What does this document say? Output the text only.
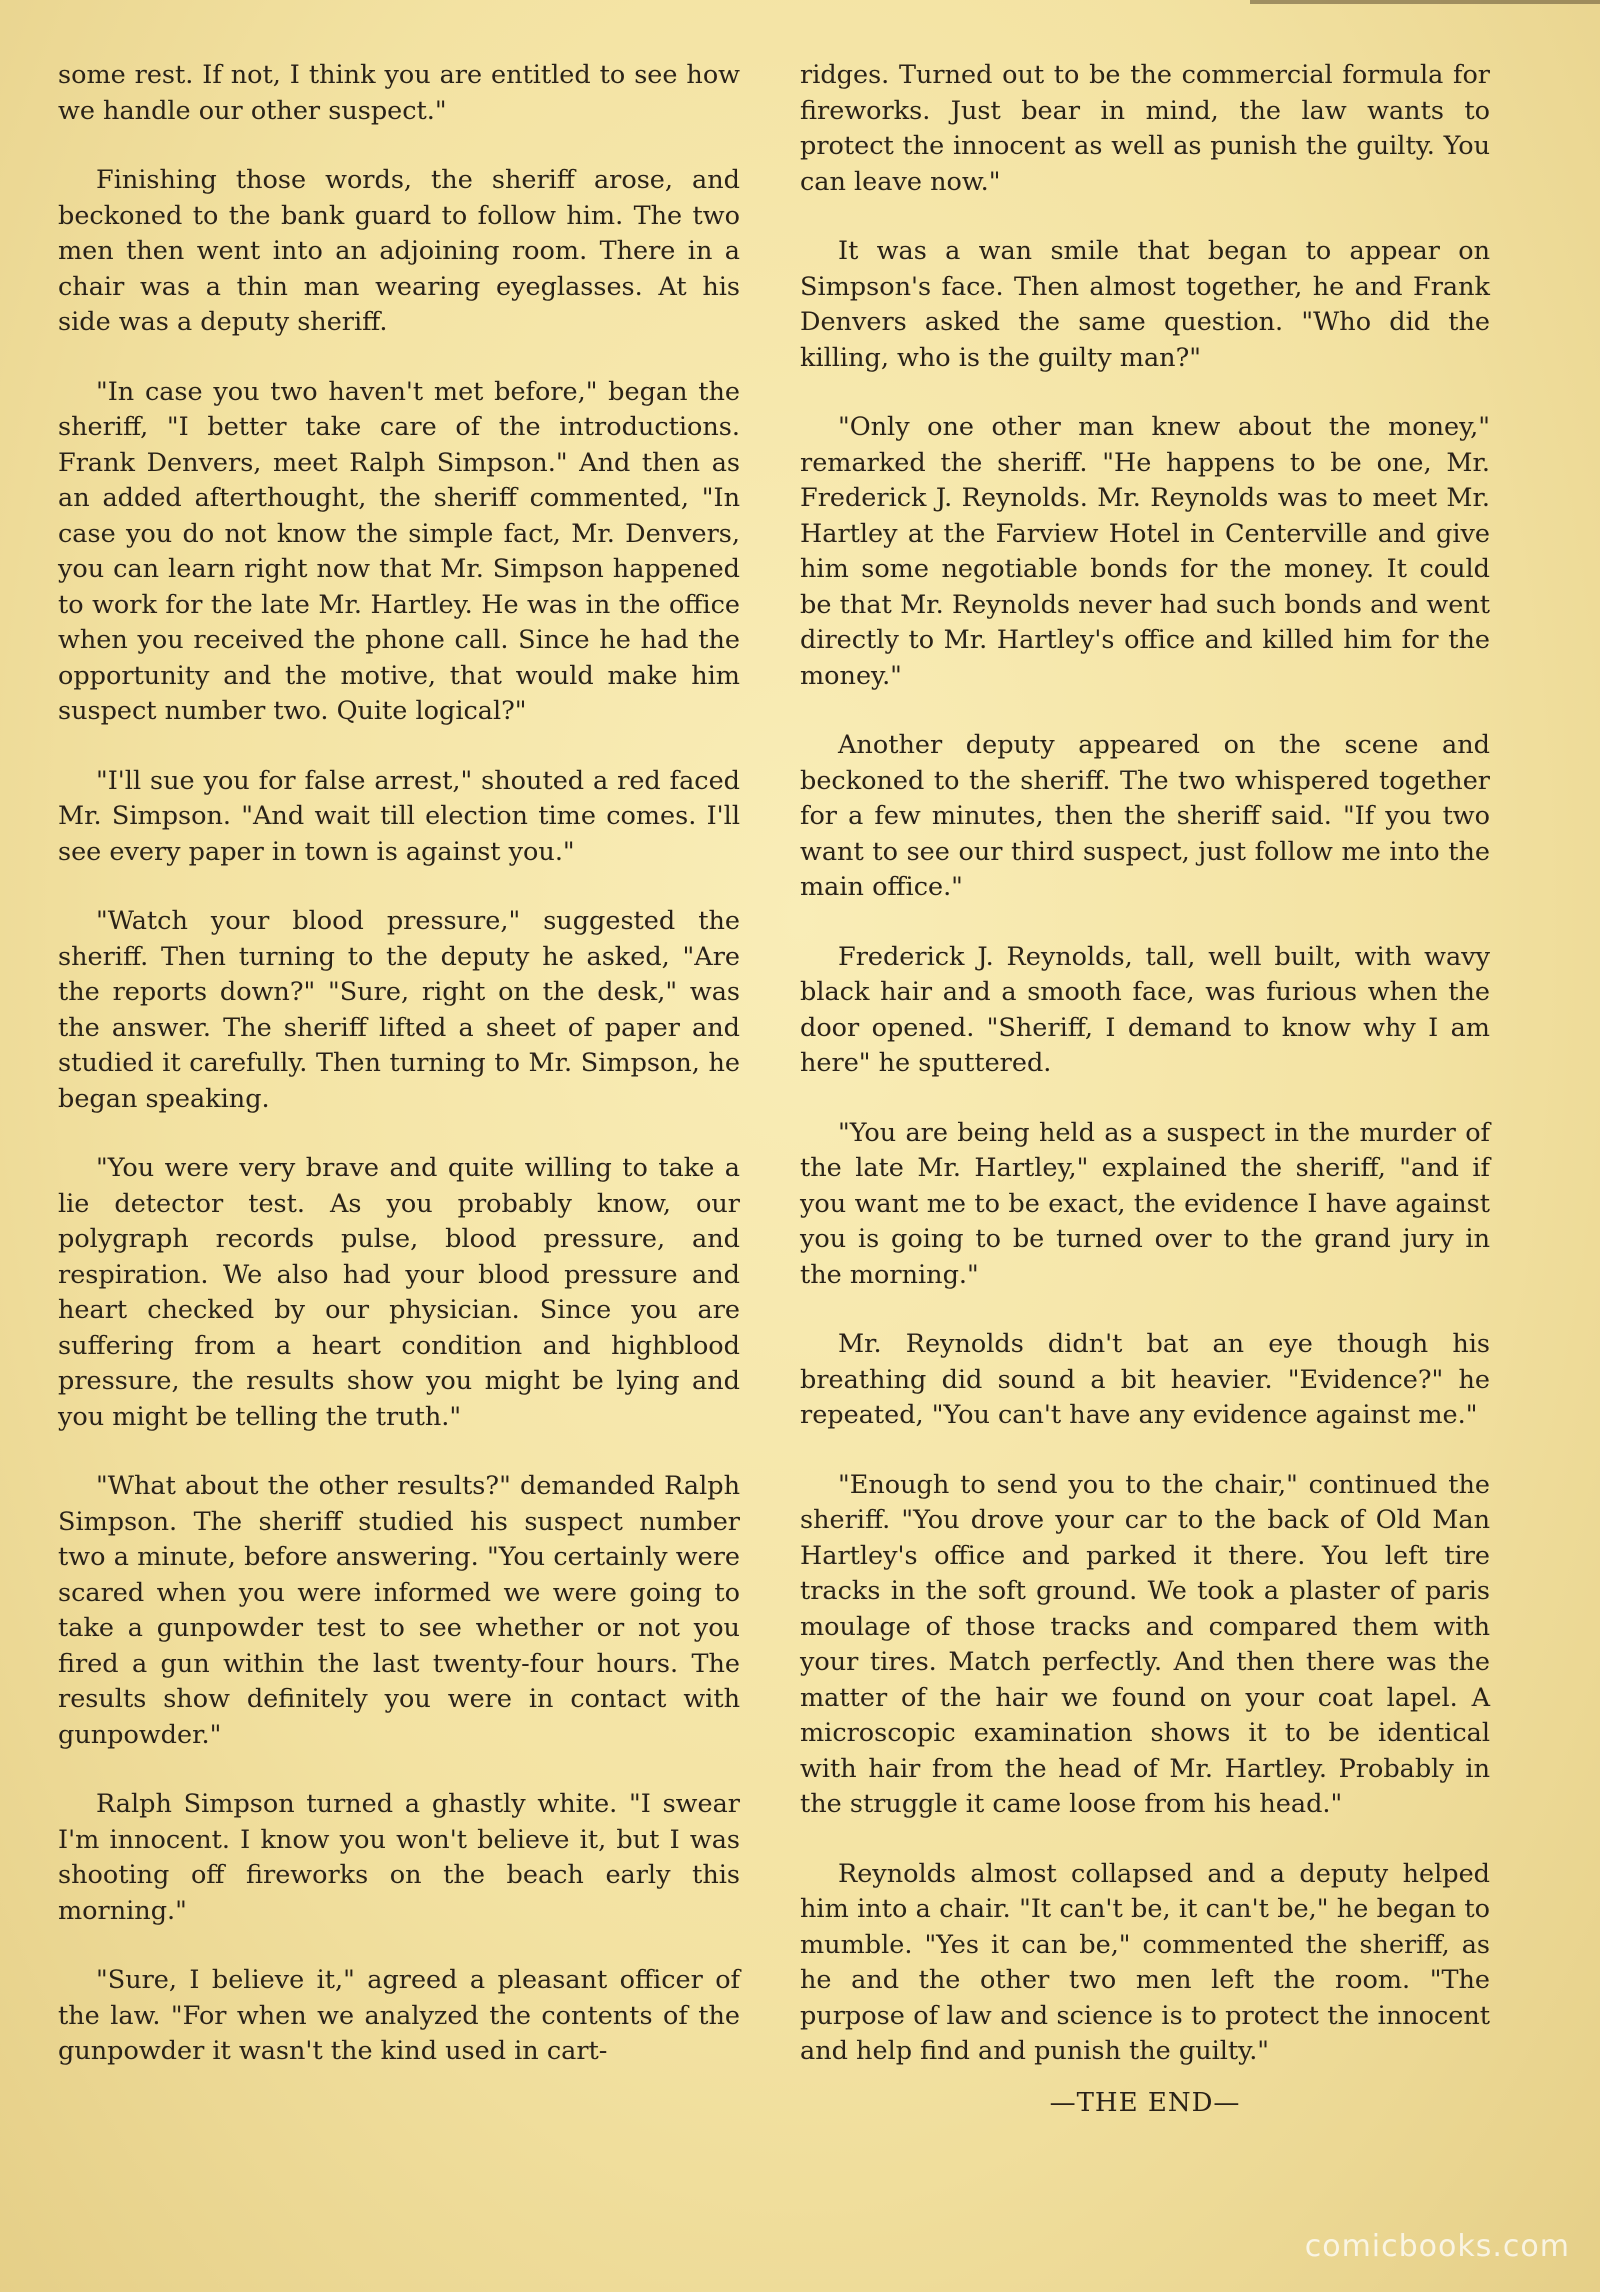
some rest. If not, I think you are entitled to see how we handle our other suspect."

Finishing those words, the sheriff arose, and beckoned to the bank guard to follow him. The two men then went into an adjoining room. There in a chair was a thin man wearing eyeglasses. At his side was a deputy sheriff.

"In case you two haven't met before," began the sheriff, "I better take care of the introductions. Frank Denvers, meet Ralph Simpson." And then as an added afterthought, the sheriff commented, "In case you do not know the simple fact, Mr. Denvers, you can learn right now that Mr. Simpson happened to work for the late Mr. Hartley. He was in the office when you received the phone call. Since he had the opportunity and the motive, that would make him suspect number two. Quite logical?"

"I'll sue you for false arrest," shouted a red faced Mr. Simpson. "And wait till election time comes. I'll see every paper in town is against you."

"Watch your blood pressure," suggested the sheriff. Then turning to the deputy he asked, "Are the reports down?" "Sure, right on the desk," was the answer. The sheriff lifted a sheet of paper and studied it carefully. Then turning to Mr. Simpson, he began speaking.

"You were very brave and quite willing to take a lie detector test. As you probably know, our polygraph records pulse, blood pressure, and respiration. We also had your blood pressure and heart checked by our physician. Since you are suffering from a heart condition and highblood pressure, the results show you might be lying and you might be telling the truth."

"What about the other results?" demanded Ralph Simpson. The sheriff studied his suspect number two a minute, before answering. "You certainly were scared when you were informed we were going to take a gunpowder test to see whether or not you fired a gun within the last twenty-four hours. The results show definitely you were in contact with gunpowder."

Ralph Simpson turned a ghastly white. "I swear I'm innocent. I know you won't believe it, but I was shooting off fireworks on the beach early this morning."

"Sure, I believe it," agreed a pleasant officer of the law. "For when we analyzed the contents of the gunpowder it wasn't the kind used in cart-

ridges. Turned out to be the commercial formula for fireworks. Just bear in mind, the law wants to protect the innocent as well as punish the guilty. You can leave now."

It was a wan smile that began to appear on Simpson's face. Then almost together, he and Frank Denvers asked the same question. "Who did the killing, who is the guilty man?"

"Only one other man knew about the money," remarked the sheriff. "He happens to be one, Mr. Frederick J. Reynolds. Mr. Reynolds was to meet Mr. Hartley at the Farview Hotel in Centerville and give him some negotiable bonds for the money. It could be that Mr. Reynolds never had such bonds and went directly to Mr. Hartley's office and killed him for the money."

Another deputy appeared on the scene and beckoned to the sheriff. The two whispered together for a few minutes, then the sheriff said. "If you two want to see our third suspect, just follow me into the main office."

Frederick J. Reynolds, tall, well built, with wavy black hair and a smooth face, was furious when the door opened. "Sheriff, I demand to know why I am here" he sputtered.

"You are being held as a suspect in the murder of the late Mr. Hartley," explained the sheriff, "and if you want me to be exact, the evidence I have against you is going to be turned over to the grand jury in the morning."

Mr. Reynolds didn't bat an eye though his breathing did sound a bit heavier. "Evidence?" he repeated, "You can't have any evidence against me."

"Enough to send you to the chair," continued the sheriff. "You drove your car to the back of Old Man Hartley's office and parked it there. You left tire tracks in the soft ground. We took a plaster of paris moulage of those tracks and compared them with your tires. Match perfectly. And then there was the matter of the hair we found on your coat lapel. A microscopic examination shows it to be identical with hair from the head of Mr. Hartley. Probably in the struggle it came loose from his head."

Reynolds almost collapsed and a deputy helped him into a chair. "It can't be, it can't be," he began to mumble. "Yes it can be," commented the sheriff, as he and the other two men left the room. "The purpose of law and science is to protect the innocent and help find and punish the guilty."

—THE END—
comicbooks.com
